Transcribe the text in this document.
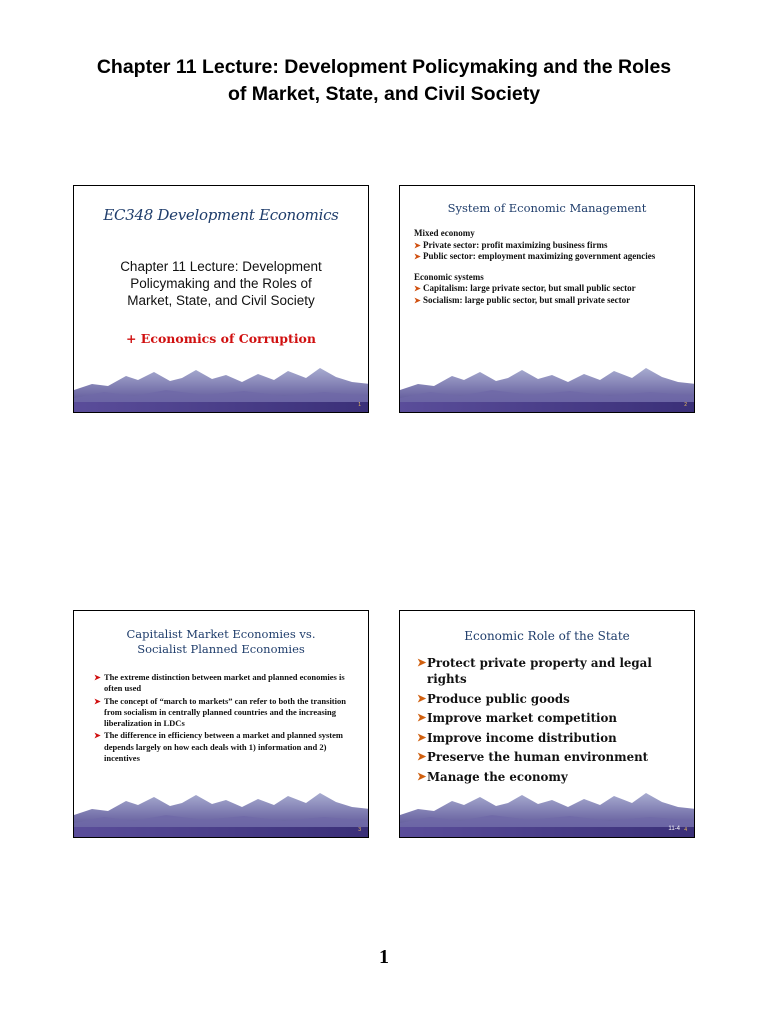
Chapter 11 Lecture: Development Policymaking and the Roles
of Market, State, and Civil Society
EC348 Development Economics
Chapter 11 Lecture: Development
Policymaking and the Roles of
Market, State, and Civil Society
+ Economics of Corruption
1
System of Economic Management
Mixed economy
➤ Private sector: profit maximizing business firms
➤ Public sector: employment maximizing government agencies
Economic systems
➤ Capitalism: large private sector, but small public sector
➤ Socialism: large public sector, but small private sector
2
Capitalist Market Economies vs.
Socialist Planned Economies
➤ The extreme distinction between market and planned economies is often used
➤ The concept of “march to markets” can refer to both the transition from socialism in centrally planned countries and the increasing liberalization in LDCs
➤ The difference in efficiency between a market and planned system depends largely on how each deals with 1) information and 2) incentives
3
Economic Role of the State
➤ Protect private property and legal rights
➤ Produce public goods
➤ Improve market competition
➤ Improve income distribution
➤ Preserve the human environment
➤ Manage the economy
11-4 4
1
